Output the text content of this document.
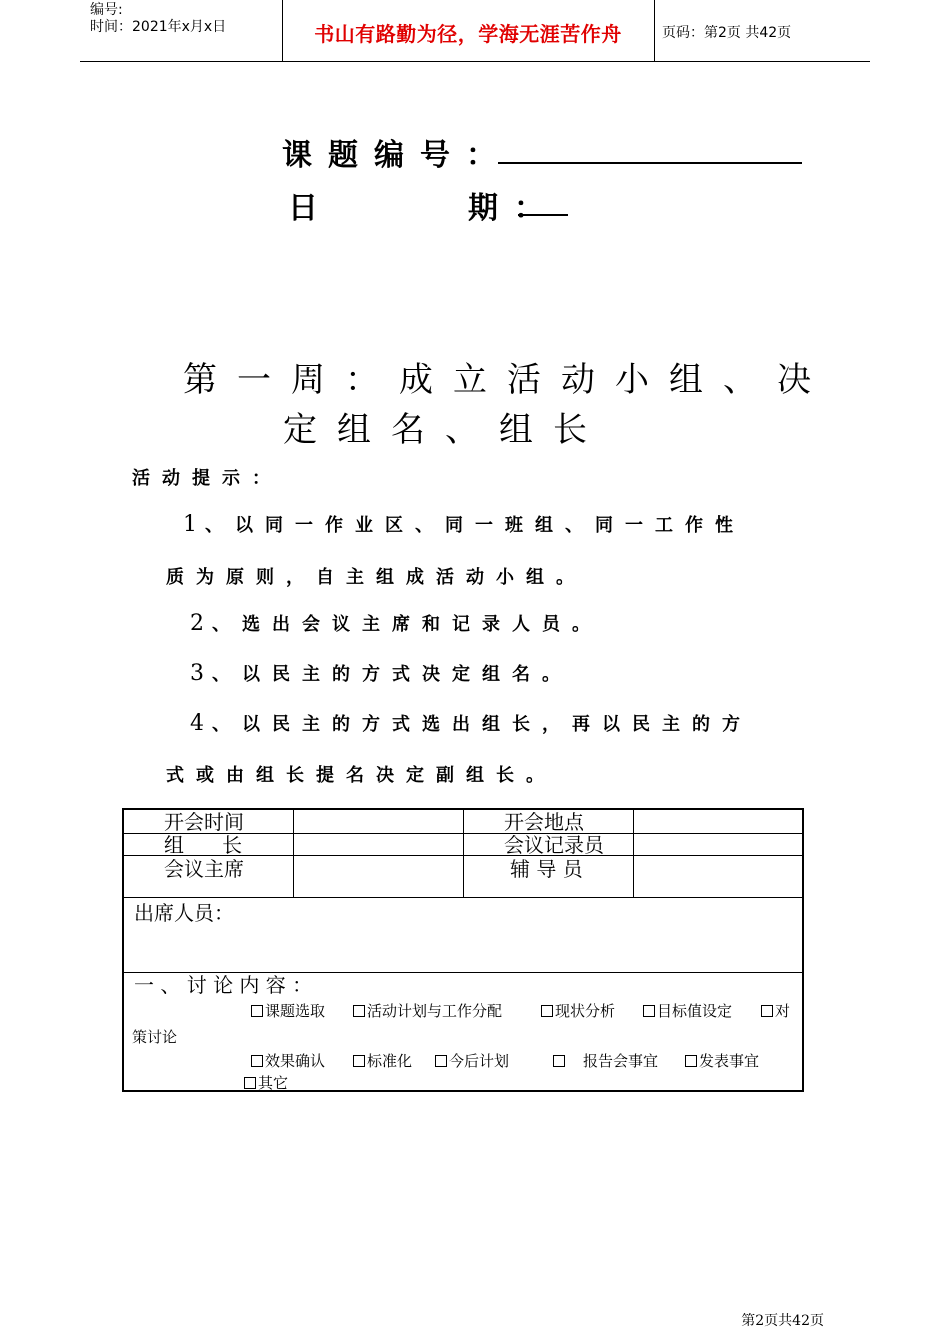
编号:
时间：2021年x月x日	书山有路勤为径，学海无涯苦作舟	页码：第2页 共42页
课题编号：
日	期：
第一周：成立活动小组、决
定组名、组长
活动提示：
1、以同一作业区、同一班组、同一工作性
质为原则，自主组成活动小组。
2、选出会议主席和记录人员。
3、以民主的方式决定组名。
4、以民主的方式选出组长，再以民主的方
式或由组长提名决定副组长。
开会时间	开会地点
组      长	会议记录员
会议主席	辅 导 员
出席人员：
一 、 讨 论 内 容 ：
课题选取	活动计划与工作分配	现状分析	目标值设定	对
策讨论
效果确认	标准化	今后计划	报告会事宜	发表事宜
其它
第2页共42页
